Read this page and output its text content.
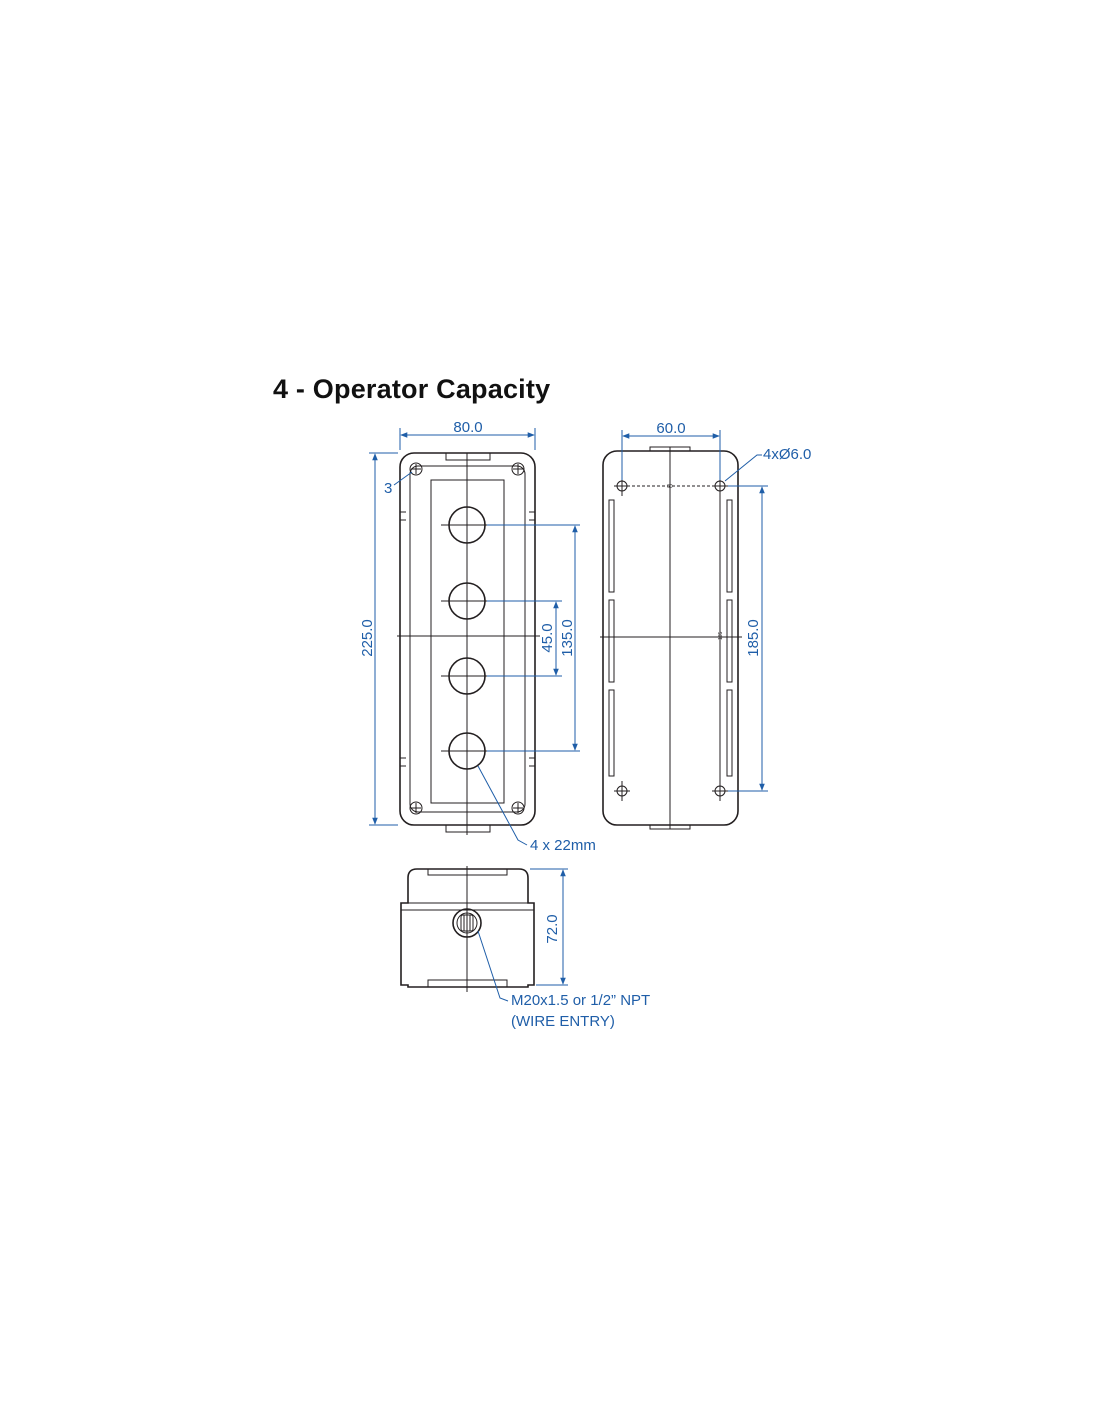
4 - Operator Capacity
80.0
225.0	45.0 135.0
3
4 x 22mm
60
185
60.0
185.0
4xØ6.0
72.0
M20x1.5 or 1/2” NPT
(WIRE ENTRY)
